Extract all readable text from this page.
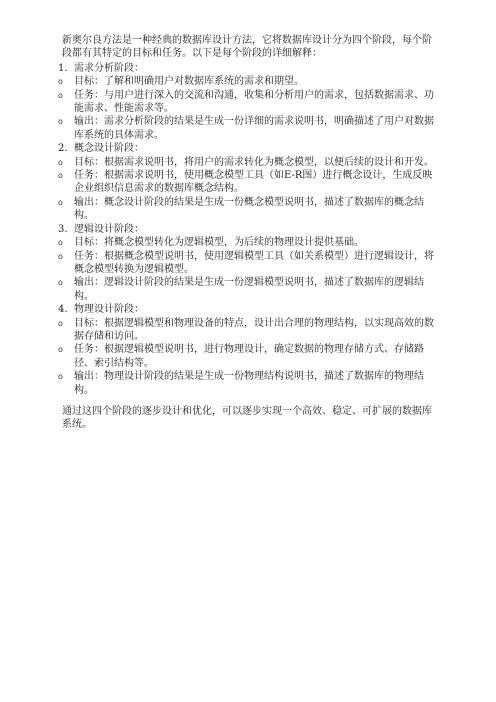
新奥尔良方法是一种经典的数据库设计方法，它将数据库设计分为四个阶段，每个阶段都有其特定的目标和任务。以下是每个阶段的详细解释：

1. 需求分析阶段：
o	目标：了解和明确用户对数据库系统的需求和期望。
o	任务：与用户进行深入的交流和沟通，收集和分析用户的需求，包括数据需求、功能需求、性能需求等。
o	输出：需求分析阶段的结果是生成一份详细的需求说明书，明确描述了用户对数据库系统的具体需求。
2. 概念设计阶段：
o	目标：根据需求说明书，将用户的需求转化为概念模型，以便后续的设计和开发。
o	任务：根据需求说明书，使用概念模型工具（如E-R图）进行概念设计，生成反映企业组织信息需求的数据库概念结构。
o	输出：概念设计阶段的结果是生成一份概念模型说明书，描述了数据库的概念结构。
3. 逻辑设计阶段：
o	目标：将概念模型转化为逻辑模型，为后续的物理设计提供基础。
o	任务：根据概念模型说明书，使用逻辑模型工具（如关系模型）进行逻辑设计，将概念模型转换为逻辑模型。
o	输出：逻辑设计阶段的结果是生成一份逻辑模型说明书，描述了数据库的逻辑结构。
4. 物理设计阶段：
o	目标：根据逻辑模型和物理设备的特点，设计出合理的物理结构，以实现高效的数据存储和访问。
o	任务：根据逻辑模型说明书，进行物理设计，确定数据的物理存储方式、存储路径、索引结构等。
o	输出：物理设计阶段的结果是生成一份物理结构说明书，描述了数据库的物理结构。

通过这四个阶段的逐步设计和优化，可以逐步实现一个高效、稳定、可扩展的数据库系统。
